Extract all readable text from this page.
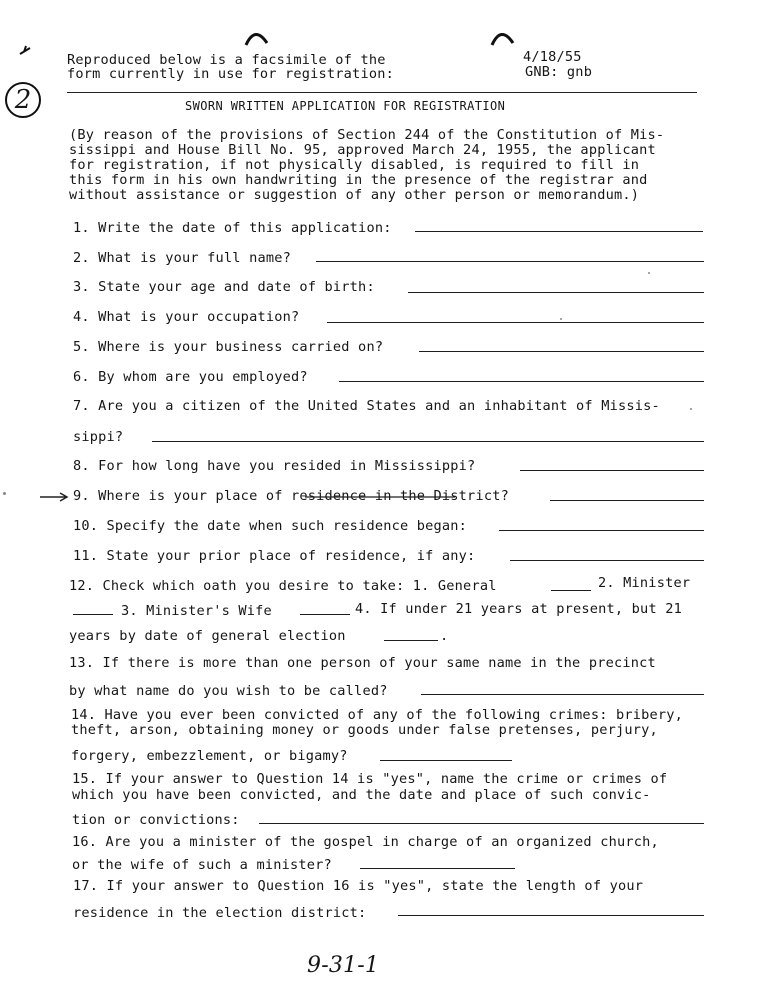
2
Reproduced below is a facsimile of the
form currently in use for registration:
4/18/55
GNB: gnb
SWORN WRITTEN APPLICATION FOR REGISTRATION
(By reason of the provisions of Section 244 of the Constitution of Mis-
sissippi and House Bill No. 95, approved March 24, 1955, the applicant
for registration, if not physically disabled, is required to fill in
this form in his own handwriting in the presence of the registrar and
without assistance or suggestion of any other person or memorandum.)
1. Write the date of this application:
2. What is your full name?
3. State your age and date of birth:
4. What is your occupation?
5. Where is your business carried on?
6. By whom are you employed?
7. Are you a citizen of the United States and an inhabitant of Missis-
sippi?
8. For how long have you resided in Mississippi?
9. Where is your place of residence in the District?
10. Specify the date when such residence began:
11. State your prior place of residence, if any:
12. Check which oath you desire to take: 1. General	2. Minister
3. Minister's Wife	4. If under 21 years at present, but 21
years by date of general election	.
13. If there is more than one person of your same name in the precinct
by what name do you wish to be called?
14. Have you ever been convicted of any of the following crimes: bribery,
theft, arson, obtaining money or goods under false pretenses, perjury,
forgery, embezzlement, or bigamy?
15. If your answer to Question 14 is "yes", name the crime or crimes of
which you have been convicted, and the date and place of such convic-
tion or convictions:
16. Are you a minister of the gospel in charge of an organized church,
or the wife of such a minister?
17. If your answer to Question 16 is "yes", state the length of your
residence in the election district:
9-31-1
